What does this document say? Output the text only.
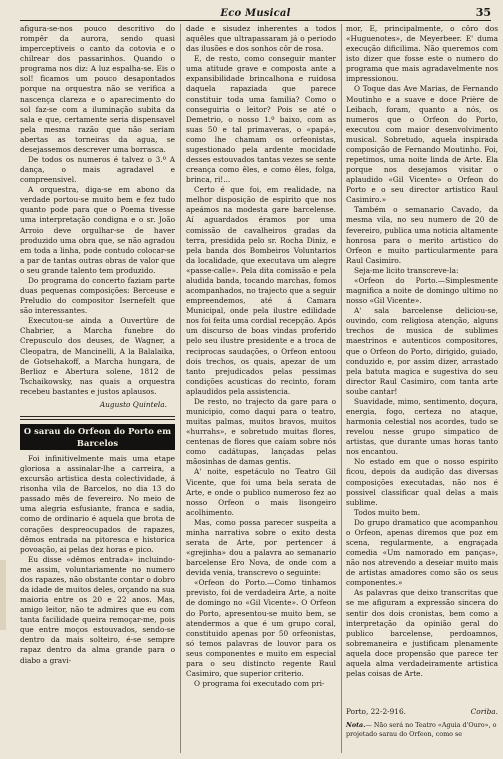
Eco Musical	35

afigura-se-nos pouco descritivo do rompêr da aurora, sendo quasi imperceptiveis o canto da cotovia e o chilrear dos passarinhos. Quando o programa nos diz: A luz espalha-se. Eis o sol! ficamos um pouco desapontados porque na orquestra não se verifica a nascença clareza e o aparecimento do sol faz-se com a iluminação subita da sala e que, certamente seria dispensavel pela mesma razão que não seriam abertas as torneiras da agua, se desejassemos descrever uma borrasca.

De todos os numeros é talvez o 3.º A dança, o mais agradavel e compreensivel.

A orquestra, diga-se em abono da verdade portou-se muito bem e fez tudo quanto pode para que o Poema tivesse uma interpretação condigna e o sr. João Arroio deve orgulhar-se de haver produzido uma obra que, se não agradou em toda a linha, pode contudo colocar-se a par de tantas outras obras de valor que o seu grande talento tem produzido.

Do programa do concerto faziam parte duas pequenas composições: Berceuse e Preludio do compositor Isernefelt que são interessantes.

Executou-se ainda a Ouvertüre de Chabrier, a Marcha funebre do Crepusculo dos deuses, de Wagner, a Cleopatra, de Mancinelli, A la Balalaika, de Gotsehakoff, a Marcha hungara, de Berlioz e Abertura solene, 1812 de Tschaikowsky, nas quais a orquestra recebeu bastantes e justos aplausos.

Augusto Quintela.
O sarau do Orfeon do Porto em Barcelos

Foi infinitivelmente mais uma etape gloriosa a assinalar-lhe a carreira, a excursão artistica desta colectividade, á risonha vila de Barcelos, no dia 13 do passado mês de fevereiro. No meio de uma alegria esfusiante, franca e sadia, como de ordinario é aquela que brota de corações despreocupados de rapazes, dêmos entrada na pitoresca e historica povoação, ai pelas dez horas e pico.

Eu disse «dêmos entrada» incluindo-me assim, voluntariamente no numero dos rapazes, não obstante contar o dobro da idade de muitos deles, orçando na sua maioria entre os 20 e 22 anos. Mas, amigo leitor, não te admires que eu com tanta facilidade queira remoçar-me, pois que entre moços estouvados, sendo-se dentro da mais solteiro, é-se sempre rapaz dentro da alma grande para o diabo a gravi-

dade e sisudez inherentes a todos aquêles que ultrapassaram já o periodo das ilusões e dos sonhos côr de rosa.

E, de resto, como conseguir manter uma atitude grave e composta ante a expansibilidade brincalhona e ruidosa daquela rapaziada que parece constituir toda uma familia? Como o conseguiria o leitor? Pois se até o Demetrio, o nosso 1.º baixo, com as suas 50 e tal primaveras, o «papá», como lhe chamam os orfeonistas, sugestionado pela ardente mocidade desses estouvados tantas vezes se sente creança como êles, e como êles, folga, brinca, ri!...

Certo é que foi, em realidade, na melhor disposição de espirito que nos apeámos na modesta gare barcelense. Aí aguardados éramos por uma comissão de cavalheiros gradas da terra, presidida pelo sr. Rocha Diniz, e pela banda dos Bombeiros Voluntarios da localidade, que executava um alegre «passe-calle». Pela dita comissão e pela aludida banda, tocando marchas, fomos acompanhados, no trajecto que a seguir empreendemos, até á Camara Municipal, onde pela ilustre edilidade nos foi feita uma cordial recepção. Após um discurso de boas vindas proferido pelo seu ilustre presidente e a troca de reciprocas saudações, o Orfeon entoou dois trechos, os quais, apezar de um tanto prejudicados pelas pessimas condições acusticas do recinto, foram aplaudidos pela assistencia.

De resto, no trajecto da gare para o municipio, como daqui para o teatro, muitas palmas, muitos bravos, muitos «hurrahs», e sobretudo muitas flores, centenas de flores que caíam sobre nós como cadátupas, lançadas pelas mãosinhas de damas gentis.

A' noite, espetáculo no Teatro Gil Vicente, que foi uma bela serata de Arte, e onde o publico numeroso fez ao nosso Orfeon o mais lisongeiro acolhimento.

Mas, como possa parecer suspeita a minha narrativa sobre o exito desta serata de Arte, por pertencer á «grejinha» dou a palavra ao semanario barcelense Ero Nova, de onde com a devida venia, transcrevo o seguinte:

«Orfeon do Porto.—Como tinhamos previsto, foi de verdadeira Arte, a noite de domingo no «Gil Vicente». O Orfeon do Porto, apresentou-se muito bem, se atendermos a que é um grupo coral, constituido apenas por 50 orfeonistas, só temos palavras de louvor para os seus componentes e muito em especial para o seu distincto regente Raul Casimiro, que superior criterio.

O programa foi executado com pri-

mor, E, principalmente, o côro dos «Huguenotes», de Meyerbeer. E' duma execução dificilima. Não queremos com isto dizer que fosse este o numero do programa que mais agradavelmente nos impressionou.

O Toque das Ave Marias, de Fernando Moutinho e a suave e doce Prière de Leibach, foram, quanto a nós, os numeros que o Orfeon do Porto, executou com maior desenvolvimento musical. Sobretudo, aquela inspirada composição de Fernando Moutinho. Foi, repetimos, uma noite linda de Arte. Ela porque nos desejamos visitar o aplaudido «Gil Vicente» o Orfeon do Porto e o seu director artistico Raul Casimiro.»

Também o semanario Cavado, da mesma vila, no seu numero de 20 de fevereiro, publica uma noticia altamente honrosa para o merito artistico do Orfeon e muito particularmente para Raul Casimiro.

Seja-me licito transcreve-la:

«Orfeon do Porto.—Simplesmente magnifica a noite de domingo ultimo no nosso «Gil Vicente».

A' sala barcelense deliciou-se, ouvindo, com religiosa atenção, alguns trechos de musica de sublimes maestrinos e autenticos compositores, que o Orfeon do Porto, dirigido, guiado, conduzido e, por assim dizer, arrastado pela batuta magica e sugestiva do seu director Raul Casimiro, com tanta arte soube cantar!

Suavidade, mimo, sentimento, doçura, energia, fogo, certeza no ataque, harmonia celestial nos acordes, tudo se revelou nesse grupo simpatico de artistas, que durante umas horas tanto nos encantou.

No estado em que o nosso espirito ficou, depois da audição das diversas composições executadas, não nos é possivel classificar qual delas a mais sublime.

Todos muito bem.

Do grupo dramatico que acompanhou o Orfeon, apenas diremos que poz em scena, regularmente, a engraçada comedia «Um namorado em panças», não nos atrevendo a deseiar muito mais de artistas amadores como são os seus componentes.»

As palavras que deixo transcritas que se me afiguram a expressão sincera do sentir dos dois cronistas, bem como a interpretação da opinião geral do publico barcelense, perdoamnos, sobremaneira e justificam plenamente aquela doce propensão que parece ter aquela alma verdadeiramente artistica pelas coisas de Arte.

Porto, 22-2-916.	Coriba.
Nota.— Não será no Teatro «Aguia d'Ouro», o projetado sarau do Orfeon, como se
